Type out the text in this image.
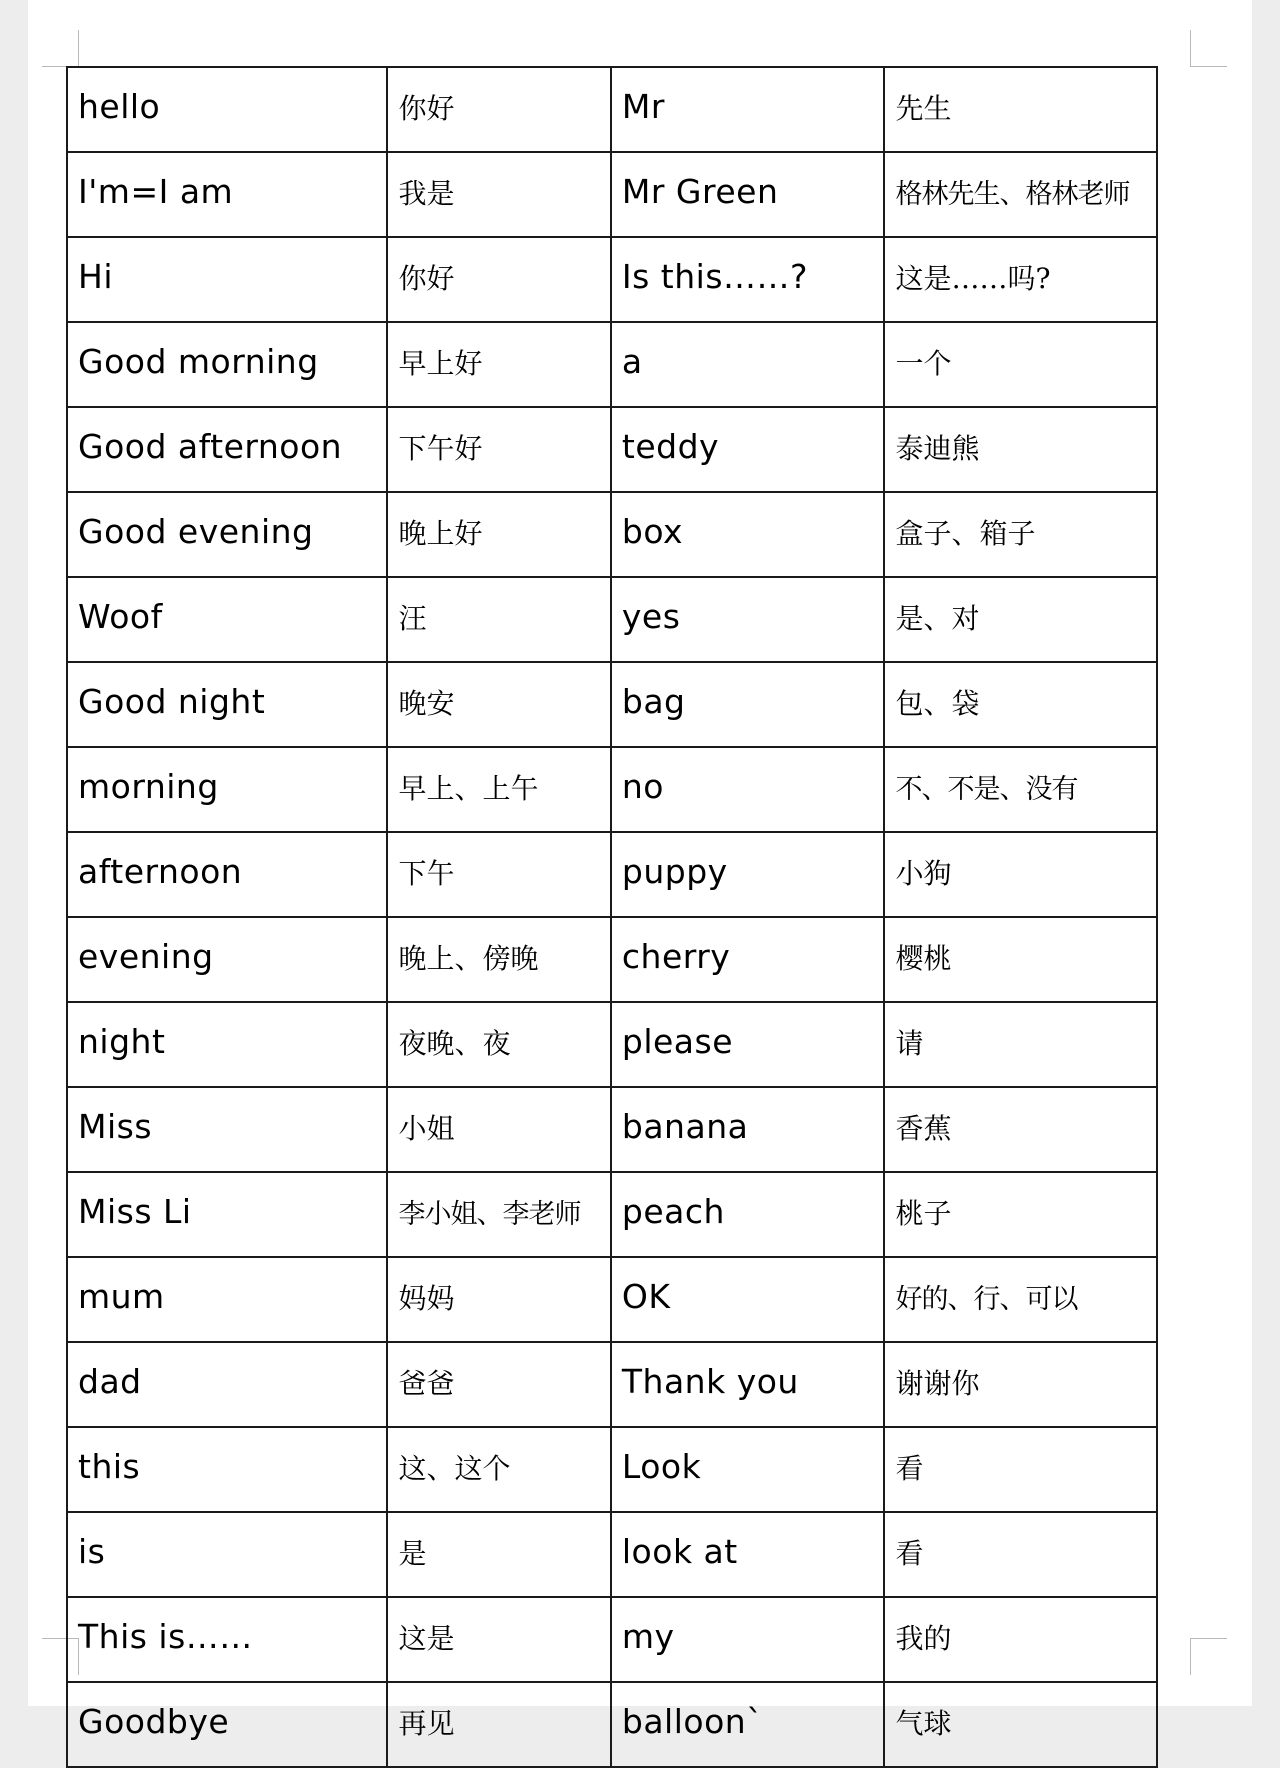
hello	你好	Mr	先生
I'm=I am	我是	Mr Green	格林先生、格林老师
Hi	你好	Is this……?	这是……吗?
Good morning	早上好	a	一个
Good afternoon	下午好	teddy	泰迪熊
Good evening	晚上好	box	盒子、箱子
Woof	汪	yes	是、对
Good night	晚安	bag	包、袋
morning	早上、上午	no	不、不是、没有
afternoon	下午	puppy	小狗
evening	晚上、傍晚	cherry	樱桃
night	夜晚、夜	please	请
Miss	小姐	banana	香蕉
Miss Li	李小姐、李老师	peach	桃子
mum	妈妈	OK	好的、行、可以
dad	爸爸	Thank you	谢谢你
this	这、这个	Look	看
is	是	look at	看
This is……	这是	my	我的
Goodbye	再见	balloon`	气球
